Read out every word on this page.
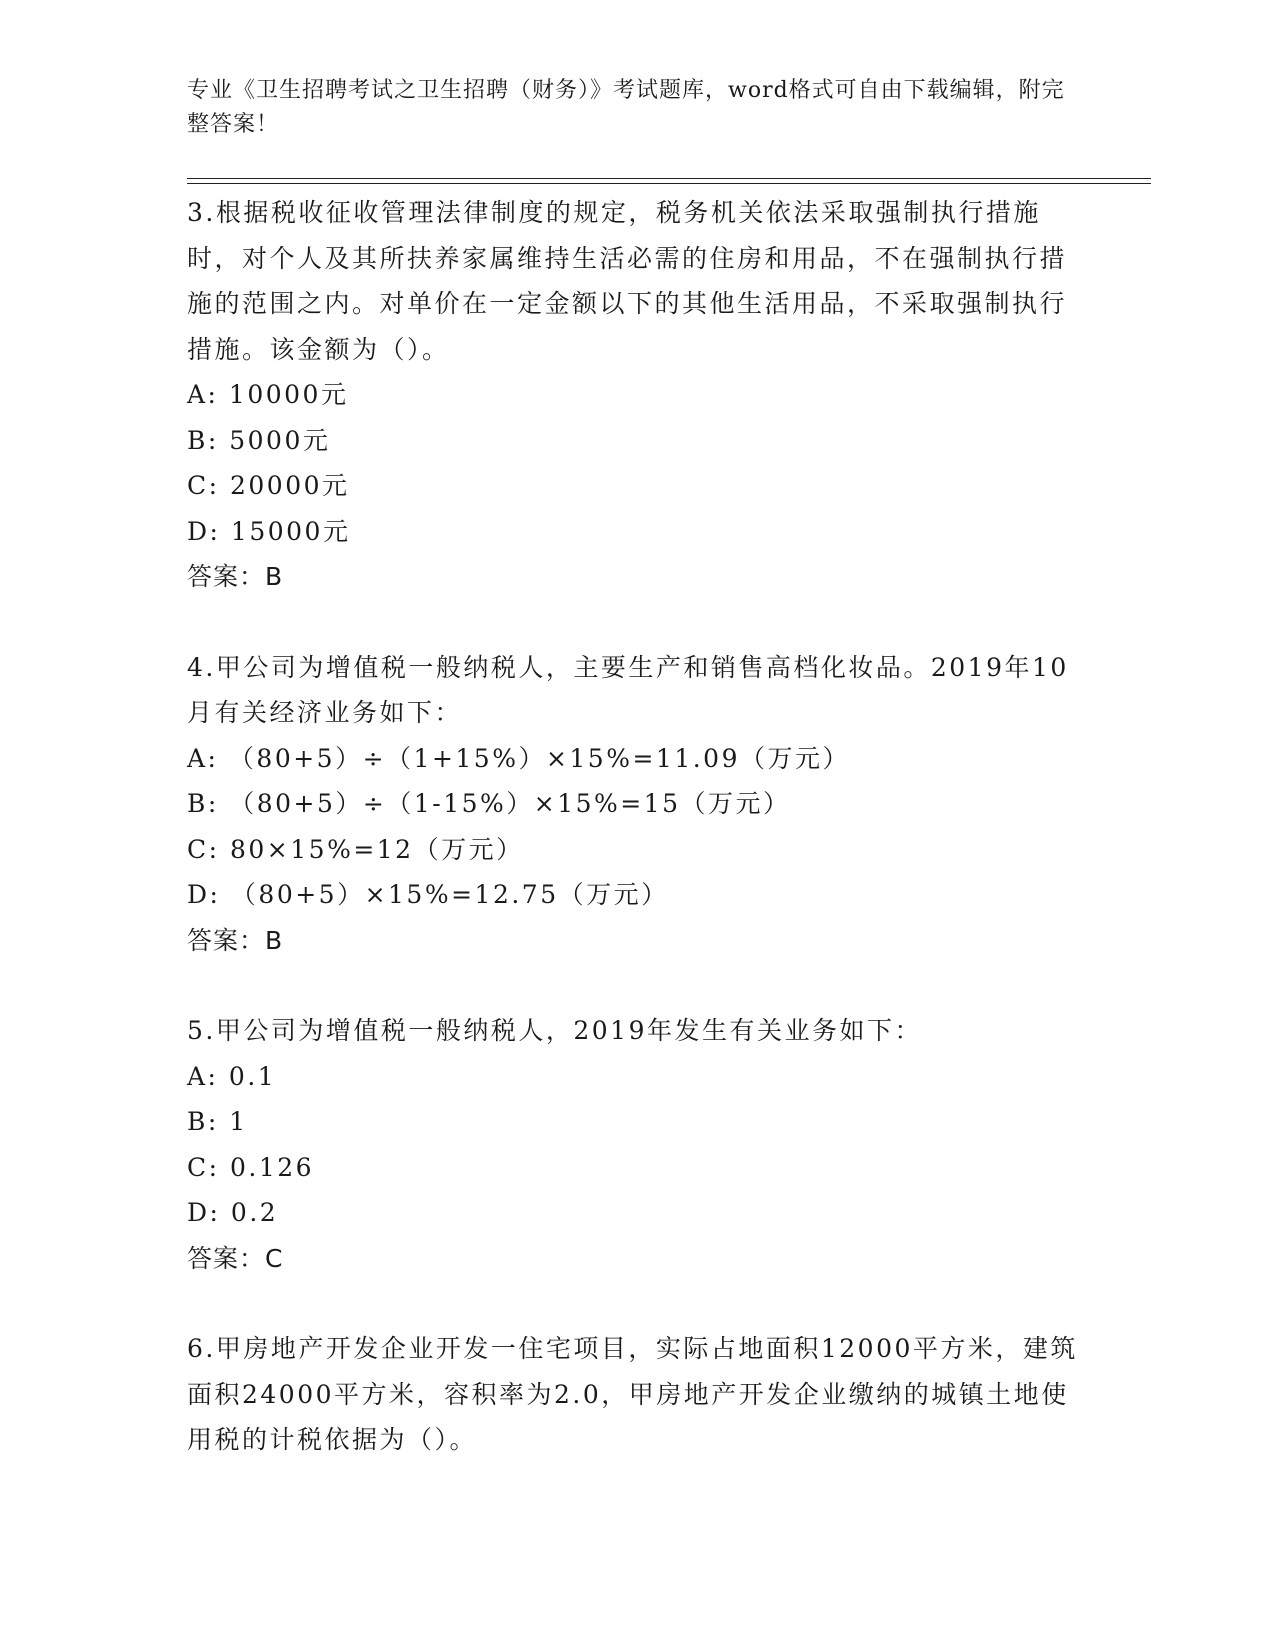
专业《卫生招聘考试之卫生招聘（财务）》考试题库，word格式可自由下载编辑，附完整答案！

3.根据税收征收管理法律制度的规定，税务机关依法采取强制执行措施时，对个人及其所扶养家属维持生活必需的住房和用品，不在强制执行措施的范围之内。对单价在一定金额以下的其他生活用品，不采取强制执行措施。该金额为（）。

A: 10000元

B: 5000元

C: 20000元

D: 15000元

答案：B

4.甲公司为增值税一般纳税人，主要生产和销售高档化妆品。2019年10月有关经济业务如下：

A: （80+5）÷（1+15%）×15%=11.09（万元）

B: （80+5）÷（1-15%）×15%=15（万元）

C: 80×15%=12（万元）

D: （80+5）×15%=12.75（万元）

答案：B

5.甲公司为增值税一般纳税人，2019年发生有关业务如下：

A: 0.1

B: 1

C: 0.126

D: 0.2

答案：C

6.甲房地产开发企业开发一住宅项目，实际占地面积12000平方米，建筑面积24000平方米，容积率为2.0，甲房地产开发企业缴纳的城镇土地使用税的计税依据为（）。
